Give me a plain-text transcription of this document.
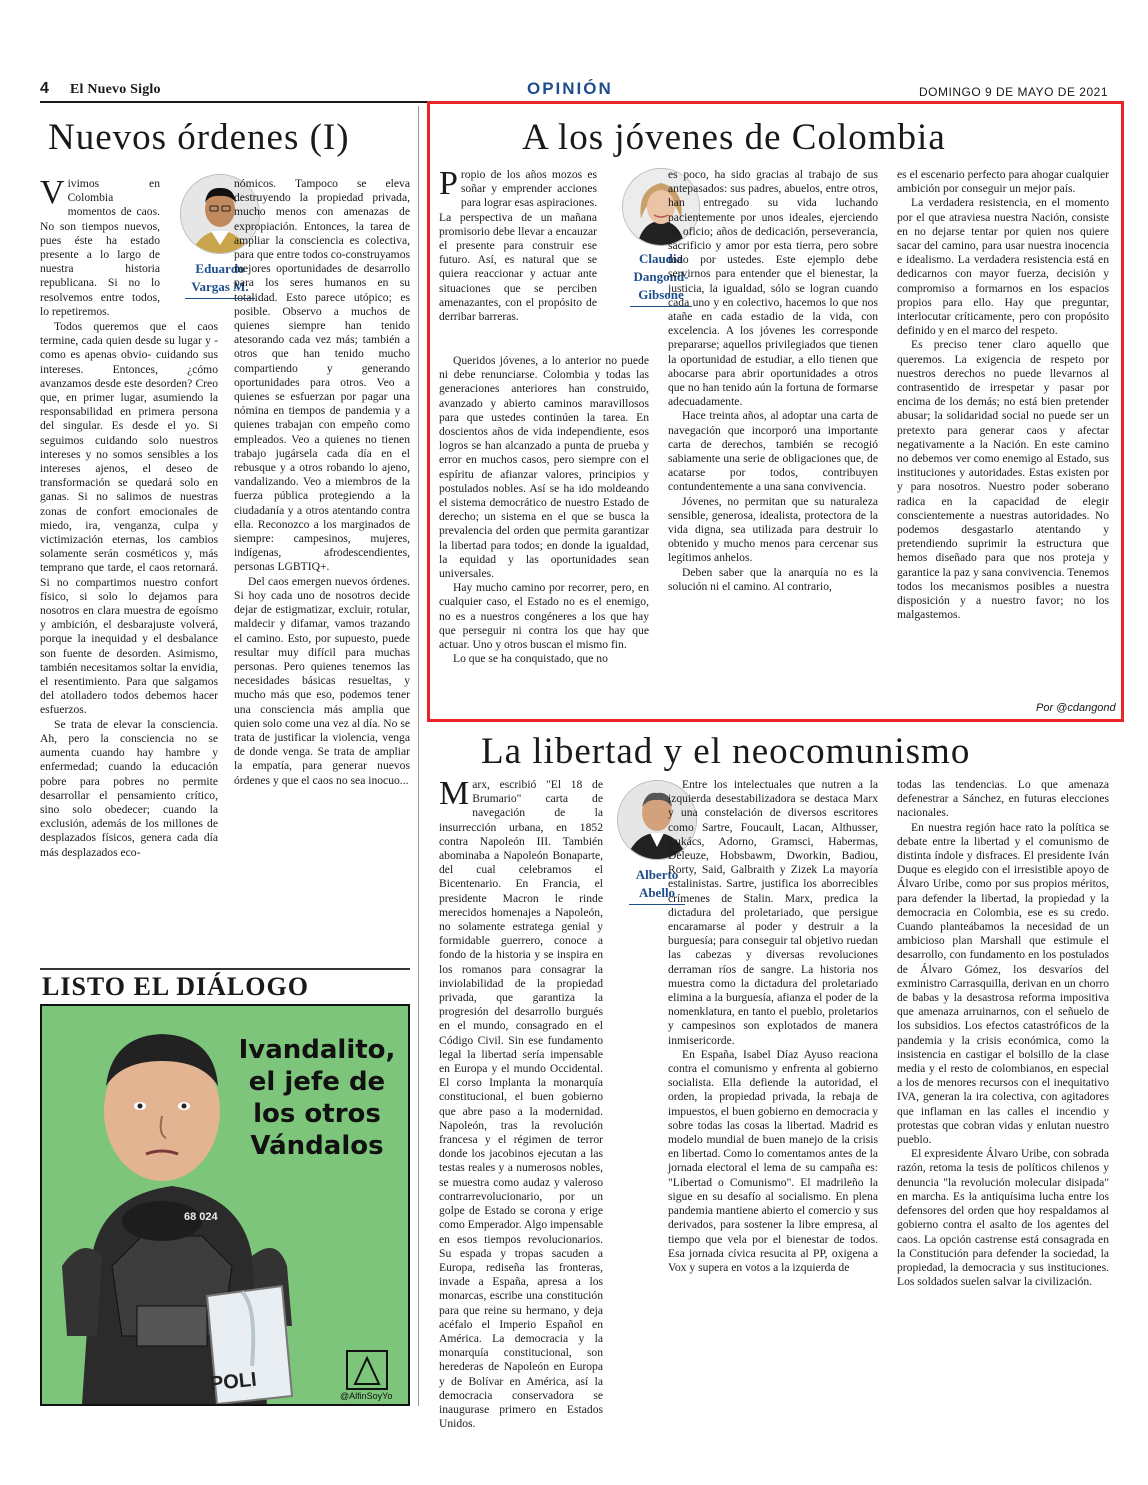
4 El Nuevo Siglo	OPINIÓN	DOMINGO 9 DE MAYO DE 2021
Nuevos órdenes (I)

Vivimos en Colombia momentos de caos. No son tiempos nuevos, pues éste ha estado presente a lo largo de nuestra historia republicana. Si no lo resolvemos entre todos, lo repetiremos.

Eduardo
Vargas M.

Todos queremos que el caos termine, cada quien desde su lugar y -como es apenas obvio- cuidando sus intereses. Entonces, ¿cómo avanzamos desde este desorden? Creo que, en primer lugar, asumiendo la responsabilidad en primera persona del singular. Es desde el yo. Si seguimos cuidando solo nuestros intereses y no somos sensibles a los intereses ajenos, el deseo de transformación se quedará solo en ganas. Si no salimos de nuestras zonas de confort emocionales de miedo, ira, venganza, culpa y victimización eternas, los cambios solamente serán cosméticos y, más temprano que tarde, el caos retornará. Si no compartimos nuestro confort físico, si solo lo dejamos para nosotros en clara muestra de egoísmo y ambición, el desbarajuste volverá, porque la inequidad y el desbalance son fuente de desorden. Asimismo, también necesitamos soltar la envidia, el resentimiento. Para que salgamos del atolladero todos debemos hacer esfuerzos.

Se trata de elevar la consciencia. Ah, pero la consciencia no se aumenta cuando hay hambre y enfermedad; cuando la educación pobre para pobres no permite desarrollar el pensamiento crítico, sino solo obedecer; cuando la exclusión, además de los millones de desplazados físicos, genera cada día más desplazados eco-

nómicos. Tampoco se eleva destruyendo la propiedad privada, mucho menos con amenazas de expropiación. Entonces, la tarea de ampliar la consciencia es colectiva, para que entre todos co-construyamos mejores oportunidades de desarrollo para los seres humanos en su totalidad. Esto parece utópico; es posible. Observo a muchos de quienes siempre han tenido atesorando cada vez más; también a otros que han tenido mucho compartiendo y generando oportunidades para otros. Veo a quienes se esfuerzan por pagar una nómina en tiempos de pandemia y a quienes trabajan con empeño como empleados. Veo a quienes no tienen trabajo jugársela cada día en el rebusque y a otros robando lo ajeno, vandalizando. Veo a miembros de la fuerza pública protegiendo a la ciudadanía y a otros atentando contra ella. Reconozco a los marginados de siempre: campesinos, mujeres, indígenas, afrodescendientes, personas LGBTIQ+.

Del caos emergen nuevos órdenes. Si hoy cada uno de nosotros decide dejar de estigmatizar, excluir, rotular, maldecir y difamar, vamos trazando el camino. Esto, por supuesto, puede resultar muy difícil para muchas personas. Pero quienes tenemos las necesidades básicas resueltas, y mucho más que eso, podemos tener una consciencia más amplia que quien solo come una vez al día. No se trata de justificar la violencia, venga de donde venga. Se trata de ampliar la empatía, para generar nuevos órdenes y que el caos no sea inocuo...

LISTO EL DIÁLOGO
68 024
POLI
Ivandalito,
el jefe de
los otros
Vándalos
@AlfinSoyYo
A los jóvenes de Colombia

Propio de los años mozos es soñar y emprender acciones para lograr esas aspiraciones. La perspectiva de un mañana promisorio debe llevar a encauzar el presente para construir ese futuro. Así, es natural que se quiera reaccionar y actuar ante situaciones que se perciben amenazantes, con el propósito de derribar barreras.

Claudia
Dangond-
Gibsone

Queridos jóvenes, a lo anterior no puede ni debe renunciarse. Colombia y todas las generaciones anteriores han construido, avanzado y abierto caminos maravillosos para que ustedes continúen la tarea. En doscientos años de vida independiente, esos logros se han alcanzado a punta de prueba y error en muchos casos, pero siempre con el espíritu de afianzar valores, principios y postulados nobles. Así se ha ido moldeando el sistema democrático de nuestro Estado de derecho; un sistema en el que se busca la prevalencia del orden que permita garantizar la libertad para todos; en donde la igualdad, la equidad y las oportunidades sean universales.

Hay mucho camino por recorrer, pero, en cualquier caso, el Estado no es el enemigo, no es a nuestros congéneres a los que hay que perseguir ni contra los que hay que actuar. Uno y otros buscan el mismo fin.

Lo que se ha conquistado, que no

es poco, ha sido gracias al trabajo de sus antepasados: sus padres, abuelos, entre otros, han entregado su vida luchando pacientemente por unos ideales, ejerciendo un oficio; años de dedicación, perseverancia, sacrificio y amor por esta tierra, pero sobre todo por ustedes. Este ejemplo debe servirnos para entender que el bienestar, la justicia, la igualdad, sólo se logran cuando cada uno y en colectivo, hacemos lo que nos atañe en cada estadio de la vida, con excelencia. A los jóvenes les corresponde prepararse; aquellos privilegiados que tienen la oportunidad de estudiar, a ello tienen que abocarse para abrir oportunidades a otros que no han tenido aún la fortuna de formarse adecuadamente.

Hace treinta años, al adoptar una carta de navegación que incorporó una importante carta de derechos, también se recogió sabiamente una serie de obligaciones que, de acatarse por todos, contribuyen contundentemente a una sana convivencia.

Jóvenes, no permitan que su naturaleza sensible, generosa, idealista, protectora de la vida digna, sea utilizada para destruir lo obtenido y mucho menos para cercenar sus legítimos anhelos.

Deben saber que la anarquía no es la solución ni el camino. Al contrario,

es el escenario perfecto para ahogar cualquier ambición por conseguir un mejor país.

La verdadera resistencia, en el momento por el que atraviesa nuestra Nación, consiste en no dejarse tentar por quien nos quiere sacar del camino, para usar nuestra inocencia e idealismo. La verdadera resistencia está en dedicarnos con mayor fuerza, decisión y compromiso a formarnos en los espacios propios para ello. Hay que preguntar, interlocutar críticamente, pero con propósito definido y en el marco del respeto.

Es preciso tener claro aquello que queremos. La exigencia de respeto por nuestros derechos no puede llevarnos al contrasentido de irrespetar y pasar por encima de los demás; no está bien pretender abusar; la solidaridad social no puede ser un pretexto para generar caos y afectar negativamente a la Nación. En este camino no debemos ver como enemigo al Estado, sus instituciones y autoridades. Estas existen por y para nosotros. Nuestro poder soberano radica en la capacidad de elegir conscientemente a nuestras autoridades. No podemos desgastarlo atentando y pretendiendo suprimir la estructura que hemos diseñado para que nos proteja y garantice la paz y sana convivencia. Tenemos todos los mecanismos posibles a nuestra disposición y a nuestro favor; no los malgastemos.

Por @cdangond
La libertad y el neocomunismo

Marx, escribió "El 18 de Brumario" carta de navegación de la insurrección urbana, en 1852 contra Napoleón III. También abominaba a Napoleón Bonaparte, del cual celebramos el Bicentenario. En Francia, el presidente Macron le rinde merecidos homenajes a Napoleón, no solamente estratega genial y formidable guerrero, conoce a fondo de la historia y se inspira en los romanos para consagrar la inviolabilidad de la propiedad privada, que garantiza la progresión del desarrollo burgués en el mundo, consagrado en el Código Civil. Sin ese fundamento legal la libertad sería impensable en Europa y el mundo Occidental. El corso Implanta la monarquía constitucional, el buen gobierno que abre paso a la modernidad. Napoleón, tras la revolución francesa y el régimen de terror donde los jacobinos ejecutan a las testas reales y a numerosos nobles, se muestra como audaz y valeroso contrarrevolucionario, por un golpe de Estado se corona y erige como Emperador. Algo impensable en esos tiempos revolucionarios. Su espada y tropas sacuden a Europa, rediseña las fronteras, invade a España, apresa a los monarcas, escribe una constitución para que reine su hermano, y deja acéfalo el Imperio Español en América. La democracia y la monarquía constitucional, son herederas de Napoleón en Europa y de Bolívar en América, así la democracia conservadora se inaugurase primero en Estados Unidos.

Alberto
Abello

Entre los intelectuales que nutren a la izquierda desestabilizadora se destaca Marx y una constelación de diversos escritores como Sartre, Foucault, Lacan, Althusser, Lukács, Adorno, Gramsci, Habermas, Deleuze, Hobsbawm, Dworkin, Badiou, Rorty, Said, Galbraith y Zizek La mayoría estalinistas. Sartre, justifica los aborrecibles crímenes de Stalin. Marx, predica la dictadura del proletariado, que persigue encaramarse al poder y destruir a la burguesía; para conseguir tal objetivo ruedan las cabezas y diversas revoluciones derraman ríos de sangre. La historia nos muestra como la dictadura del proletariado elimina a la burguesía, afianza el poder de la nomenklatura, en tanto el pueblo, proletarios y campesinos son explotados de manera inmisericorde.

En España, Isabel Díaz Ayuso reaciona contra el comunismo y enfrenta al gobierno socialista. Ella defiende la autoridad, el orden, la propiedad privada, la rebaja de impuestos, el buen gobierno en democracia y sobre todas las cosas la libertad. Madrid es modelo mundial de buen manejo de la crisis en libertad. Como lo comentamos antes de la jornada electoral el lema de su campaña es: "Libertad o Comunismo". El madrileño la sigue en su desafío al socialismo. En plena pandemia mantiene abierto el comercio y sus derivados, para sostener la libre empresa, al tiempo que vela por el bienestar de todos. Esa jornada cívica resucita al PP, oxigena a Vox y supera en votos a la izquierda de

todas las tendencias. Lo que amenaza defenestrar a Sánchez, en futuras elecciones nacionales.

En nuestra región hace rato la política se debate entre la libertad y el comunismo de distinta índole y disfraces. El presidente Iván Duque es elegido con el irresistible apoyo de Álvaro Uribe, como por sus propios méritos, para defender la libertad, la propiedad y la democracia en Colombia, ese es su credo. Cuando planteábamos la necesidad de un ambicioso plan Marshall que estimule el desarrollo, con fundamento en los postulados de Álvaro Gómez, los desvaríos del exministro Carrasquilla, derivan en un chorro de babas y la desastrosa reforma impositiva que amenaza arruinarnos, con el señuelo de los subsidios. Los efectos catastróficos de la pandemia y la crisis económica, como la insistencia en castigar el bolsillo de la clase media y el resto de colombianos, en especial a los de menores recursos con el inequitativo IVA, generan la ira colectiva, con agitadores que inflaman en las calles el incendio y protestas que cobran vidas y enlutan nuestro pueblo.

El expresidente Álvaro Uribe, con sobrada razón, retoma la tesis de políticos chilenos y denuncia "la revolución molecular disipada" en marcha. Es la antiquísima lucha entre los defensores del orden que hoy respaldamos al gobierno contra el asalto de los agentes del caos. La opción castrense está consagrada en la Constitución para defender la sociedad, la propiedad, la democracia y sus instituciones. Los soldados suelen salvar la civilización.
